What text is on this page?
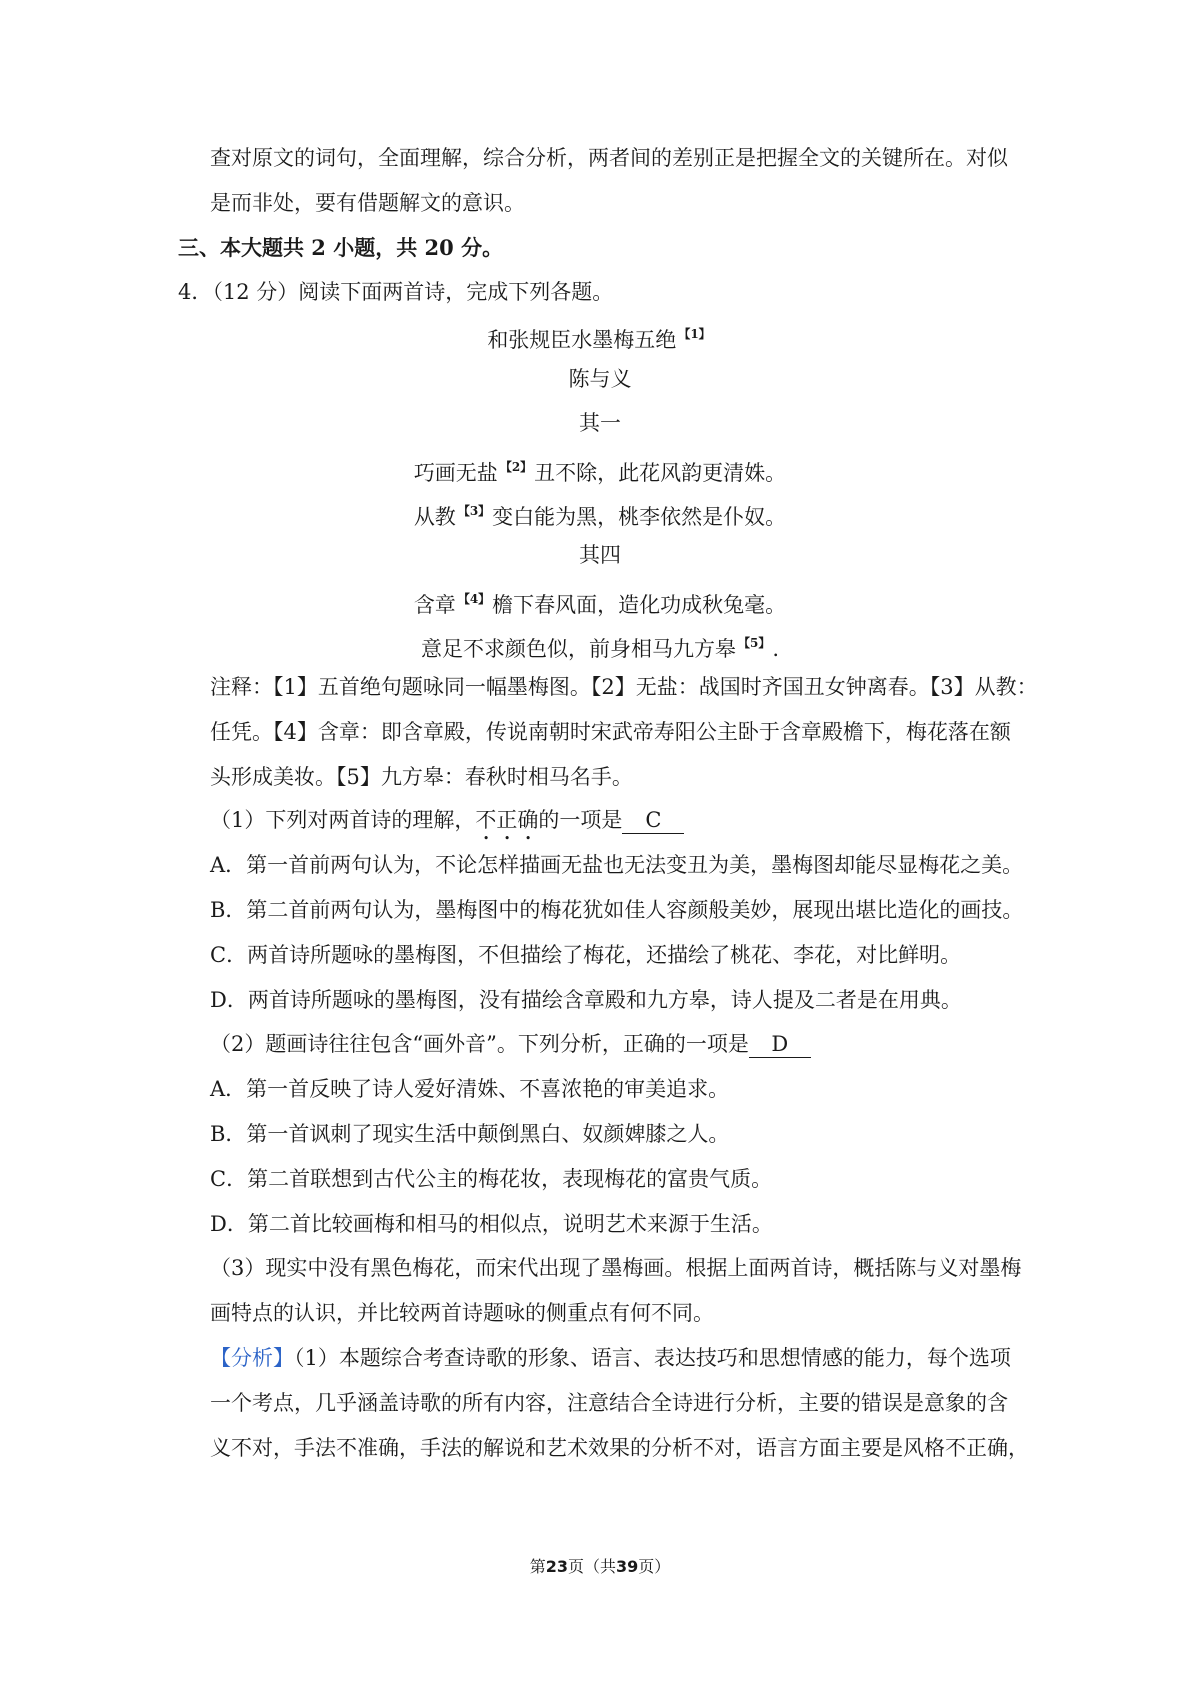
查对原文的词句，全面理解，综合分析，两者间的差别正是把握全文的关键所在。对似
是而非处，要有借题解文的意识。
三、本大题共 2 小题，共 20 分。
4．（12 分）阅读下面两首诗，完成下列各题。
和张规臣水墨梅五绝 $^{【1】}$
陈与义
其一
巧画无盐 $^{【2】}$丑不除，此花风韵更清姝。
从教 $^{【3】}$变白能为黑，桃李依然是仆奴。
其四
含章 $^{【4】}$檐下春风面，造化功成秋兔毫。
意足不求颜色似，前身相马九方皋 $^{【5】}$.
注释：【1】五首绝句题咏同一幅墨梅图。【2】无盐：战国时齐国丑女钟离春。【3】从教：
任凭。【4】含章：即含章殿，传说南朝时宋武帝寿阳公主卧于含章殿檐下，梅花落在额
头形成美妆。【5】九方皋：春秋时相马名手。
（1）下列对两首诗的理解，不正确的一项是 C
A．第一首前两句认为，不论怎样描画无盐也无法变丑为美，墨梅图却能尽显梅花之美。
B．第二首前两句认为，墨梅图中的梅花犹如佳人容颜般美妙，展现出堪比造化的画技。
C．两首诗所题咏的墨梅图，不但描绘了梅花，还描绘了桃花、李花，对比鲜明。
D．两首诗所题咏的墨梅图，没有描绘含章殿和九方皋，诗人提及二者是在用典。
（2）题画诗往往包含“画外音”。下列分析，正确的一项是 D
A．第一首反映了诗人爱好清姝、不喜浓艳的审美追求。
B．第一首讽刺了现实生活中颠倒黑白、奴颜婢膝之人。
C．第二首联想到古代公主的梅花妆，表现梅花的富贵气质。
D．第二首比较画梅和相马的相似点，说明艺术来源于生活。
（3）现实中没有黑色梅花，而宋代出现了墨梅画。根据上面两首诗，概括陈与义对墨梅
画特点的认识，并比较两首诗题咏的侧重点有何不同。
【分析】（1）本题综合考查诗歌的形象、语言、表达技巧和思想情感的能力，每个选项
一个考点，几乎涵盖诗歌的所有内容，注意结合全诗进行分析，主要的错误是意象的含
义不对，手法不准确，手法的解说和艺术效果的分析不对，语言方面主要是风格不正确，
第23页（共39页）
